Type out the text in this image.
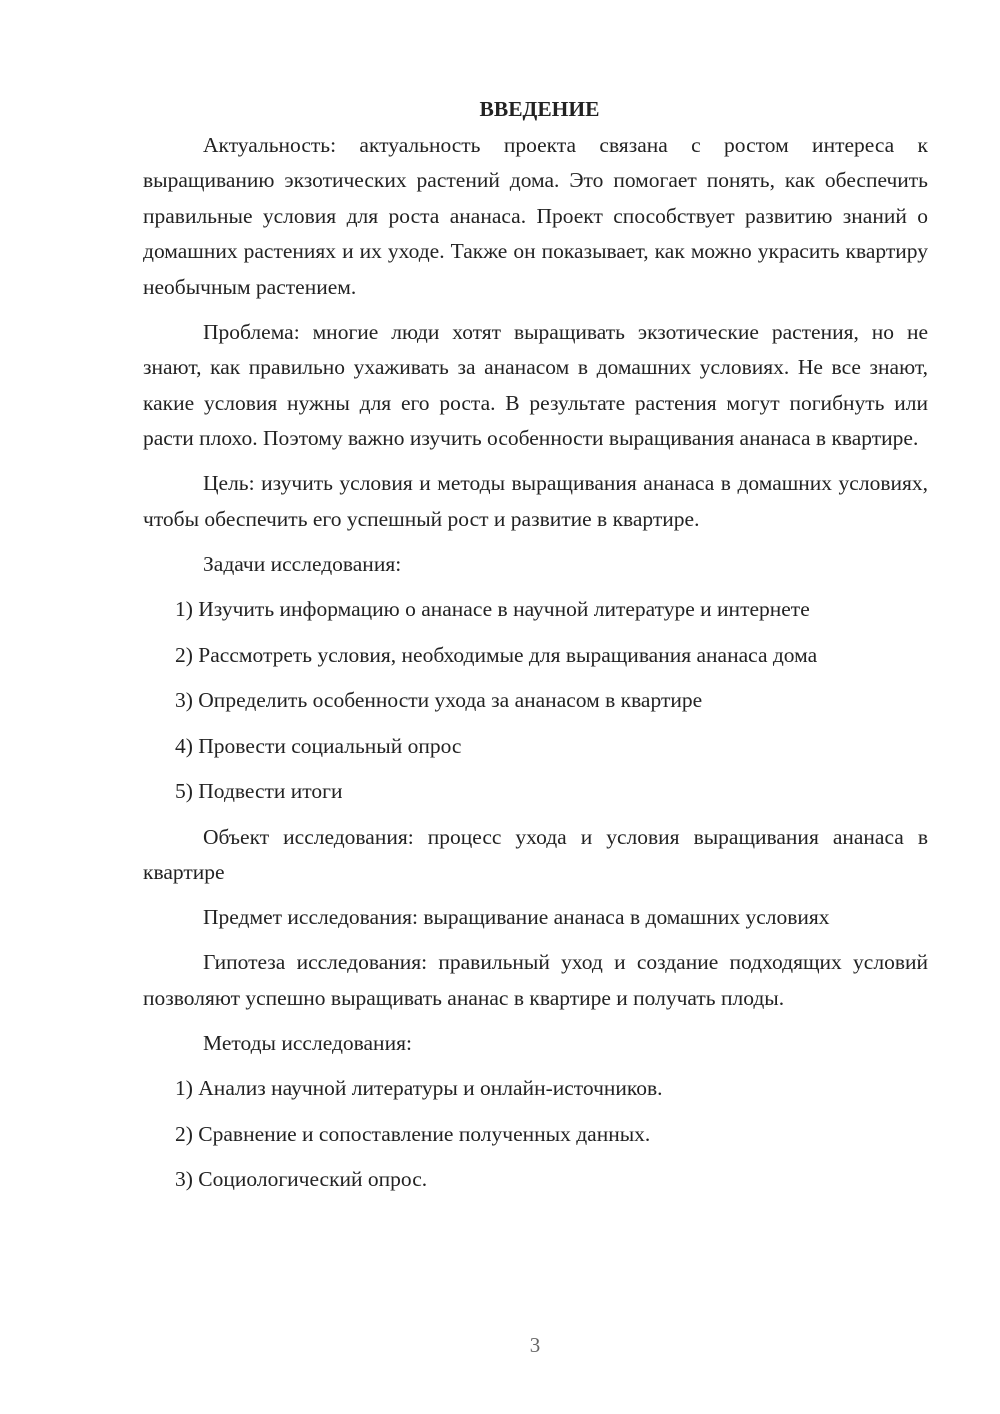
ВВЕДЕНИЕ

Актуальность: актуальность проекта связана с ростом интереса к выращиванию экзотических растений дома. Это помогает понять, как обеспечить правильные условия для роста ананаса. Проект способствует развитию знаний о домашних растениях и их уходе. Также он показывает, как можно украсить квартиру необычным растением.

Проблема: многие люди хотят выращивать экзотические растения, но не знают, как правильно ухаживать за ананасом в домашних условиях. Не все знают, какие условия нужны для его роста. В результате растения могут погибнуть или расти плохо. Поэтому важно изучить особенности выращивания ананаса в квартире.

Цель: изучить условия и методы выращивания ананаса в домашних условиях, чтобы обеспечить его успешный рост и развитие в квартире.

Задачи исследования:

1) Изучить информацию о ананасе в научной литературе и интернете
2) Рассмотреть условия, необходимые для выращивания ананаса дома
3) Определить особенности ухода за ананасом в квартире
4) Провести социальный опрос
5) Подвести итоги

Объект исследования: процесс ухода и условия выращивания ананаса в квартире

Предмет исследования: выращивание ананаса в домашних условиях

Гипотеза исследования: правильный уход и создание подходящих условий позволяют успешно выращивать ананас в квартире и получать плоды.

Методы исследования:

1) Анализ научной литературы и онлайн-источников.
2) Сравнение и сопоставление полученных данных.
3) Социологический опрос.
3
